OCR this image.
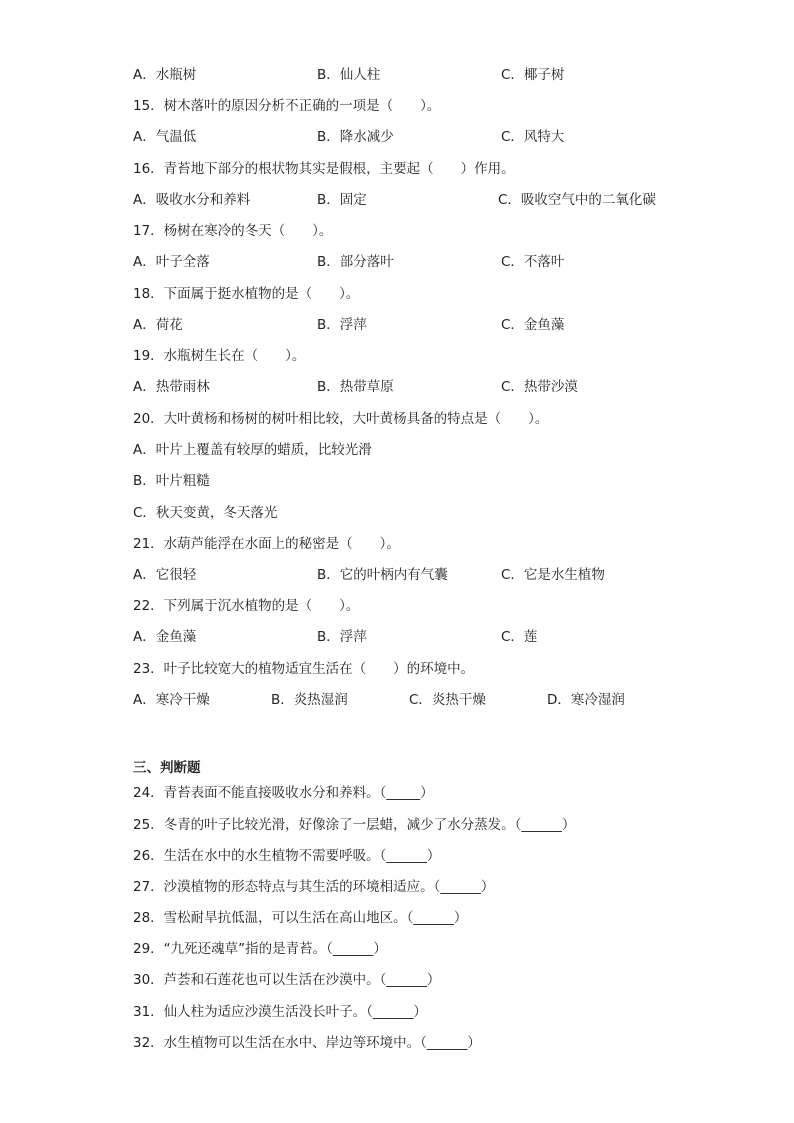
A．水瓶树	B．仙人柱	C．椰子树
15．树木落叶的原因分析不正确的一项是（　　）。
A．气温低	B．降水减少	C．风特大
16．青苔地下部分的根状物其实是假根，主要起（　　）作用。
A．吸收水分和养料	B．固定	C．吸收空气中的二氧化碳
17．杨树在寒冷的冬天（　　）。
A．叶子全落	B．部分落叶	C．不落叶
18．下面属于挺水植物的是（　　）。
A．荷花	B．浮萍	C．金鱼藻
19．水瓶树生长在（　　）。
A．热带雨林	B．热带草原	C．热带沙漠
20．大叶黄杨和杨树的树叶相比较，大叶黄杨具备的特点是（　　）。
A．叶片上覆盖有较厚的蜡质，比较光滑
B．叶片粗糙
C．秋天变黄，冬天落光
21．水葫芦能浮在水面上的秘密是（　　）。
A．它很轻	B．它的叶柄内有气囊	C．它是水生植物
22．下列属于沉水植物的是（　　）。
A．金鱼藻	B．浮萍	C．莲
23．叶子比较宽大的植物适宜生活在（　　）的环境中。
A．寒冷干燥	B．炎热湿润	C．炎热干燥	D．寒冷湿润
三、判断题
24．青苔表面不能直接吸收水分和养料。（_____）
25．冬青的叶子比较光滑，好像涂了一层蜡，减少了水分蒸发。（______）
26．生活在水中的水生植物不需要呼吸。（______）
27．沙漠植物的形态特点与其生活的环境相适应。（______）
28．雪松耐旱抗低温，可以生活在高山地区。（______）
29．“九死还魂草”指的是青苔。（______）
30．芦荟和石莲花也可以生活在沙漠中。（______）
31．仙人柱为适应沙漠生活没长叶子。（______）
32．水生植物可以生活在水中、岸边等环境中。（______）
